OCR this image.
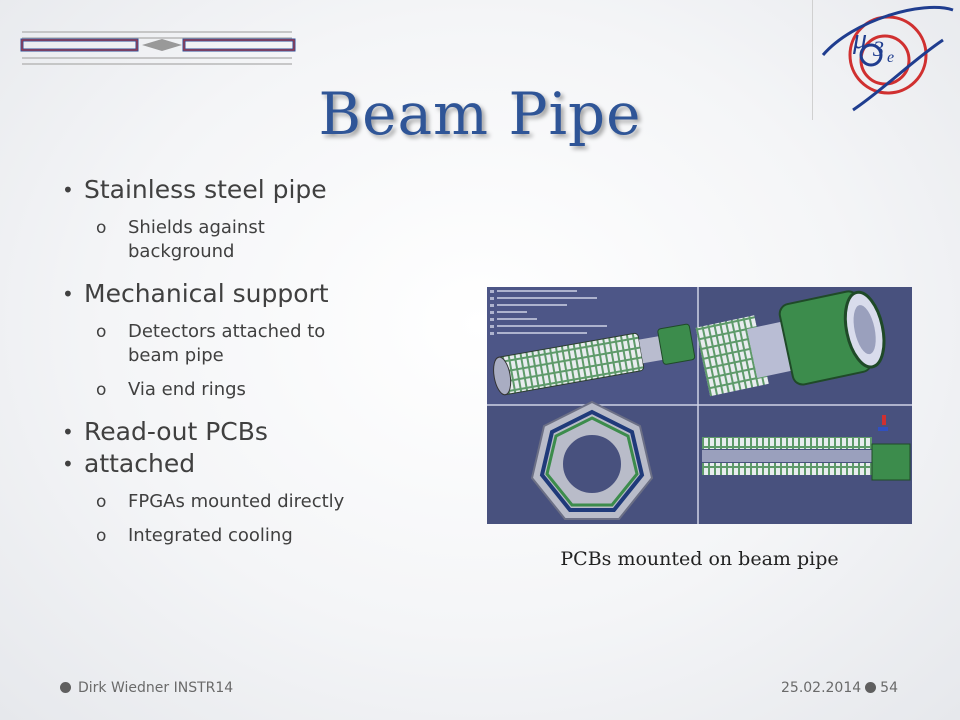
μ 3 e
Beam Pipe

• Stainless steel pipe

o Shields against
background

• Mechanical support

o Detectors attached to
beam pipe
o Via end rings

• Read-out PCBs

• attached

o FPGAs mounted directly
o Integrated cooling
PCBs mounted on beam pipe
Dirk Wiedner INSTR14	25.02.2014 54
